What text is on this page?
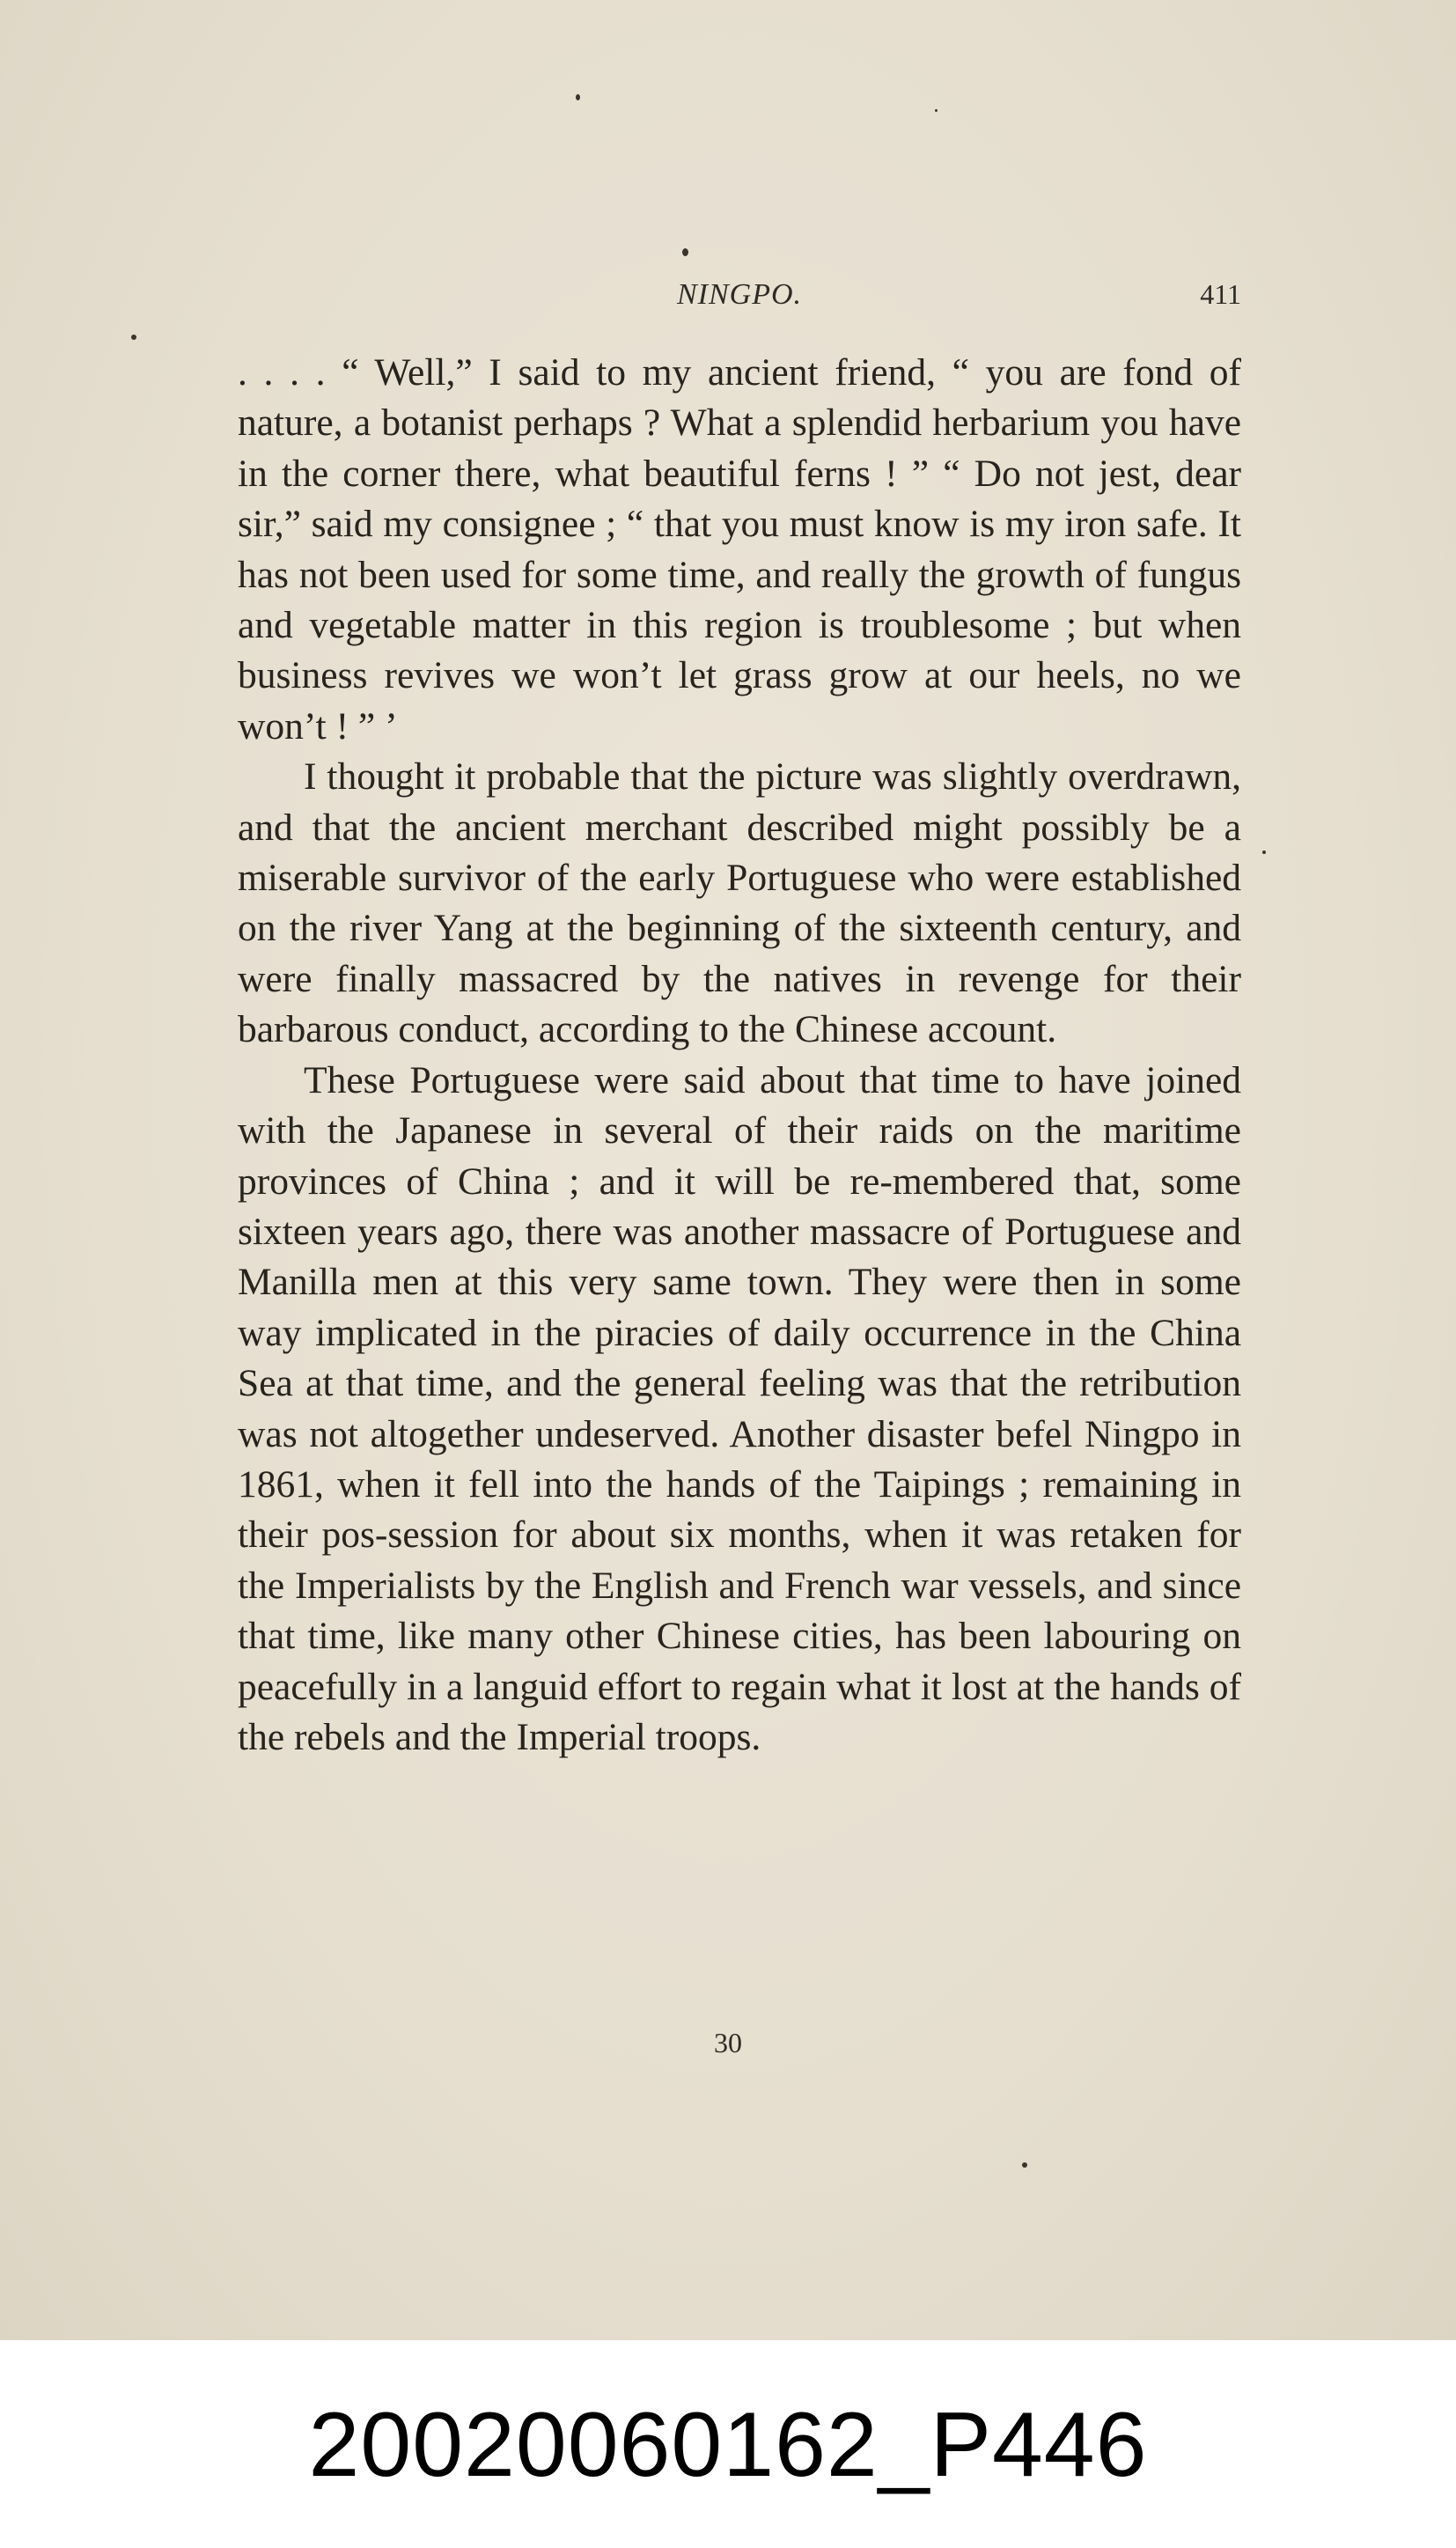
NINGPO.	411

. . . . “ Well,” I said to my ancient friend, “ you are fond of nature, a botanist perhaps ? What a splendid herbarium you have in the corner there, what beautiful ferns ! ” “ Do not jest, dear sir,” said my consignee ; “ that you must know is my iron safe. It has not been used for some time, and really the growth of fungus and vegetable matter in this region is troublesome ; but when business revives we won’t let grass grow at our heels, no we won’t ! ” ’

I thought it probable that the picture was slightly overdrawn, and that the ancient merchant described might possibly be a miserable survivor of the early Portuguese who were established on the river Yang at the beginning of the sixteenth century, and were finally massacred by the natives in revenge for their barbarous conduct, according to the Chinese account.

These Portuguese were said about that time to have joined with the Japanese in several of their raids on the maritime provinces of China ; and it will be re-membered that, some sixteen years ago, there was another massacre of Portuguese and Manilla men at this very same town. They were then in some way implicated in the piracies of daily occurrence in the China Sea at that time, and the general feeling was that the retribution was not altogether undeserved. Another disaster befel Ningpo in 1861, when it fell into the hands of the Taipings ; remaining in their pos-session for about six months, when it was retaken for the Imperialists by the English and French war vessels, and since that time, like many other Chinese cities, has been labouring on peacefully in a languid effort to regain what it lost at the hands of the rebels and the Imperial troops.

30
20020060162_P446
